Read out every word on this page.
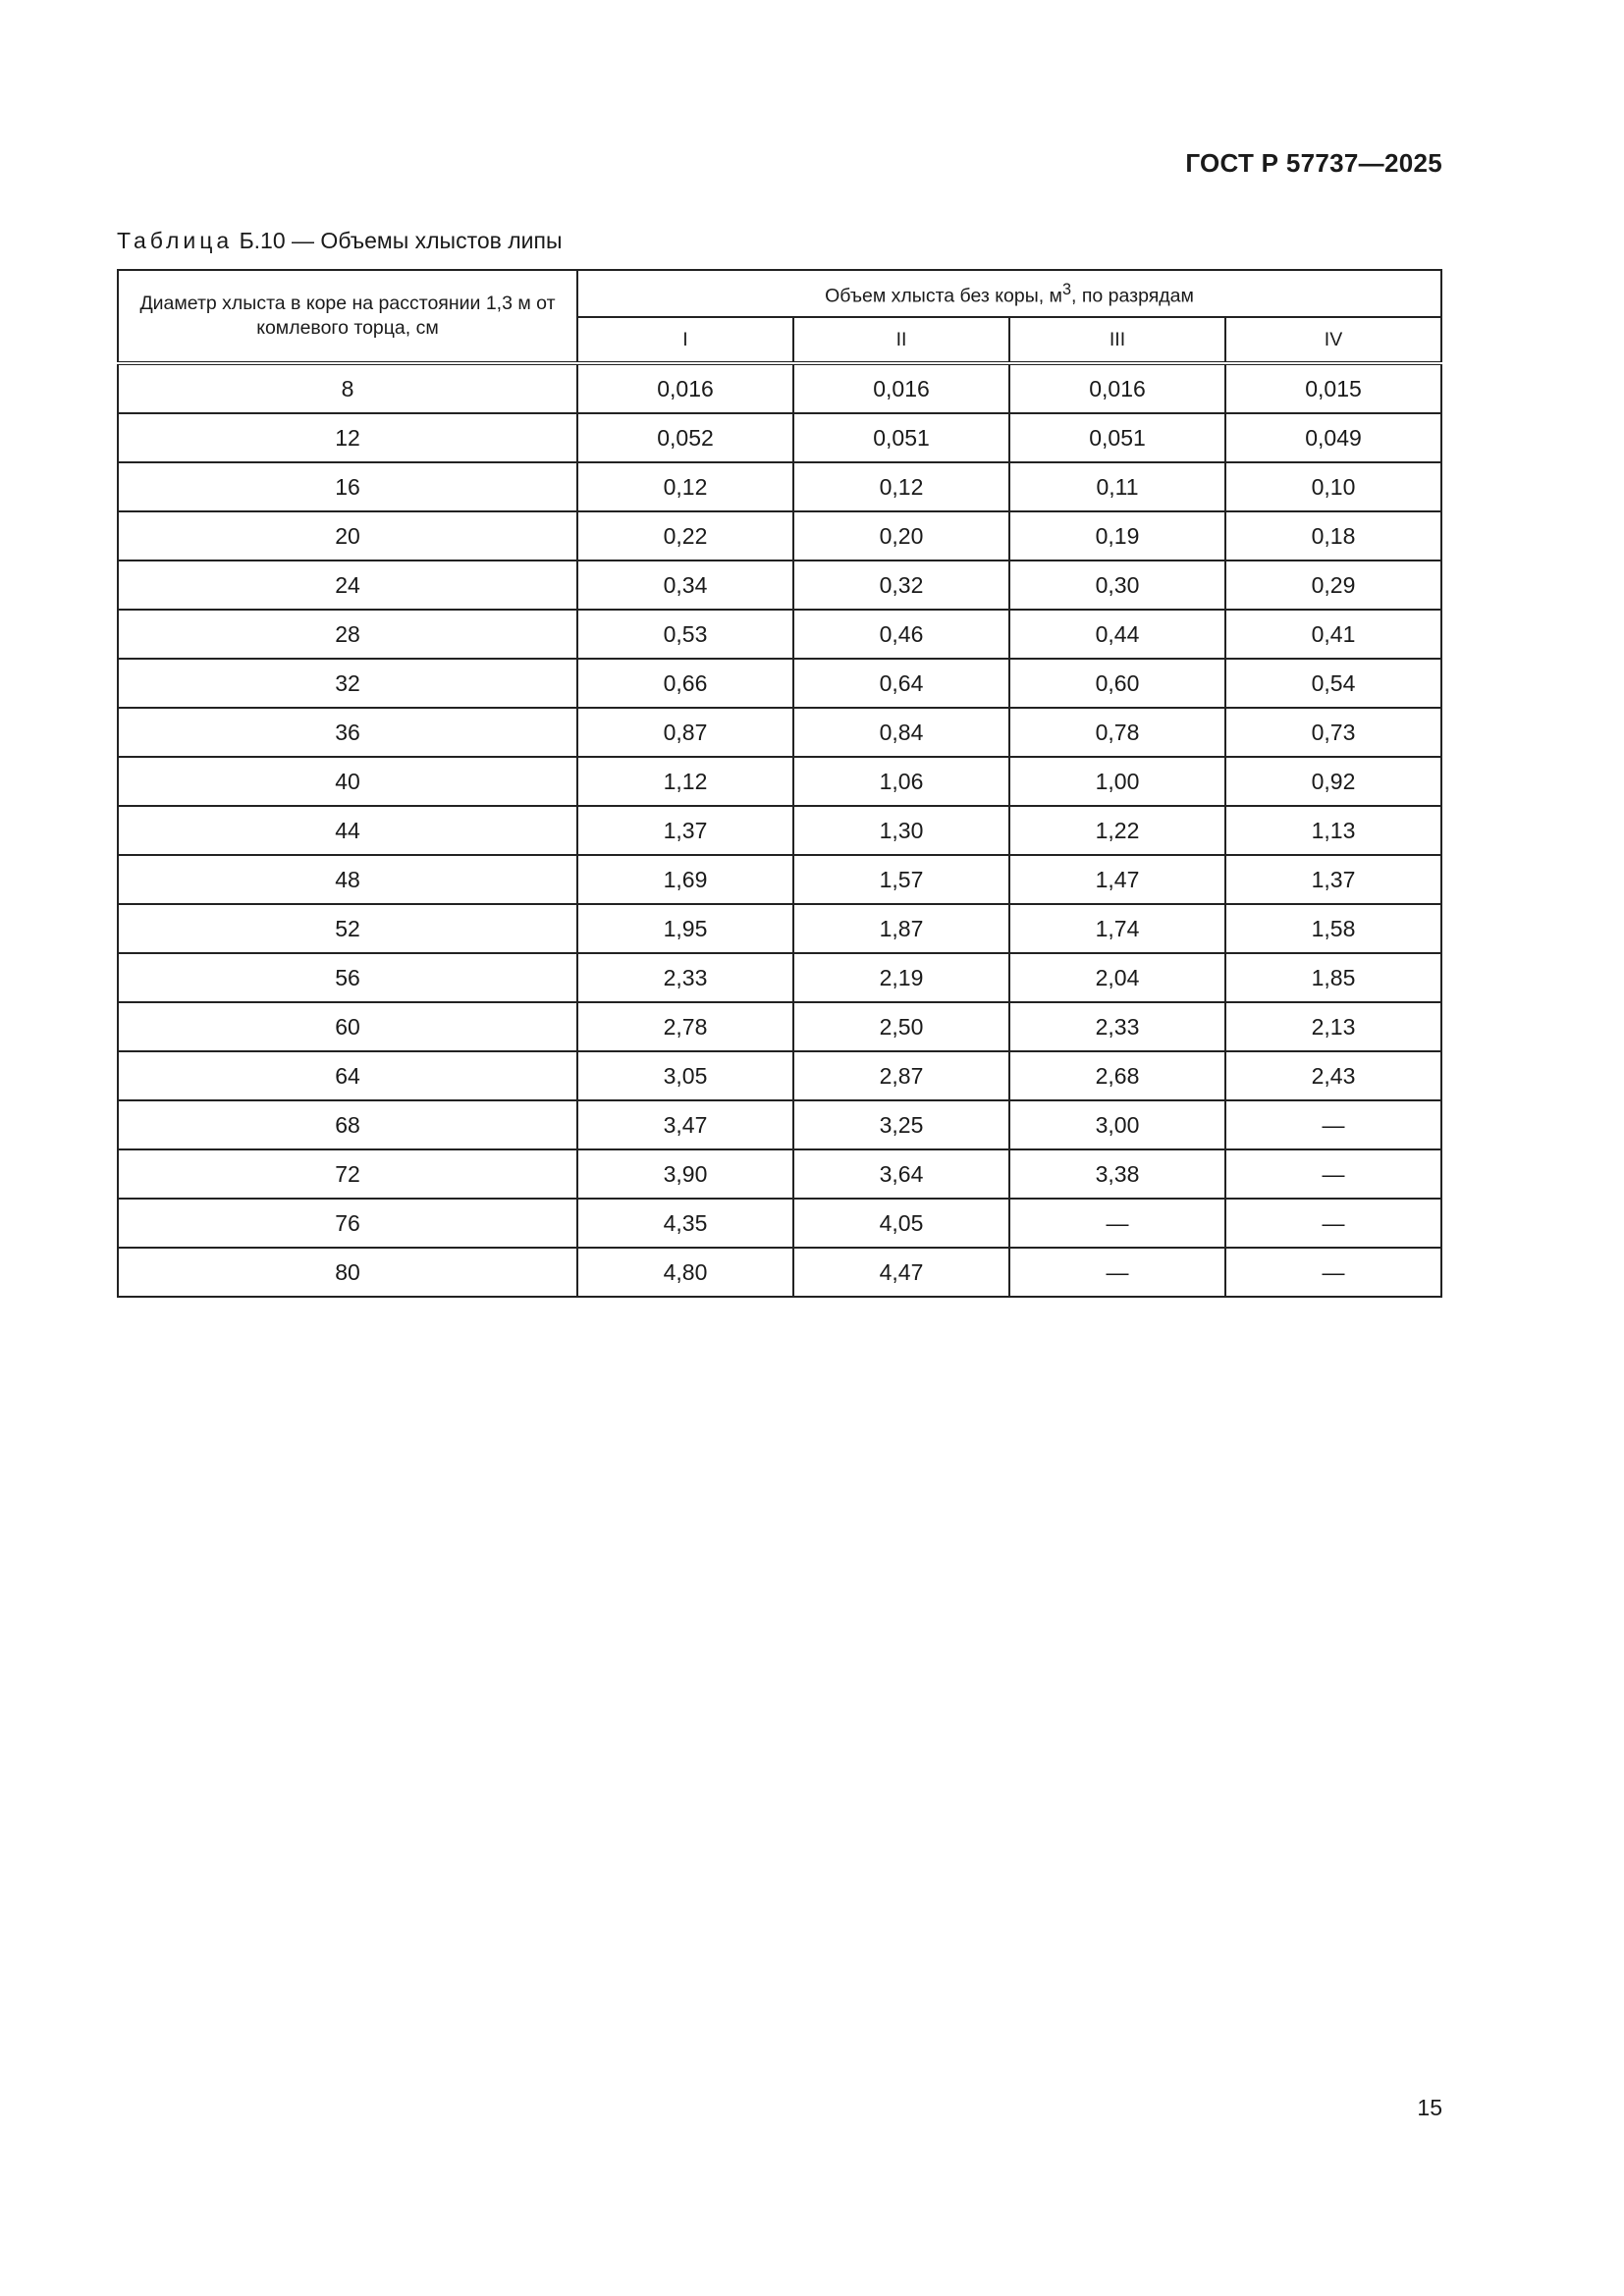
ГОСТ Р 57737—2025
Таблица Б.10 — Объемы хлыстов липы
Диаметр хлыста в коре на расстоянии 1,3 м от комлевого торца, см	Объем хлыста без коры, $м^3$, по разрядам			
	I	II	III	IV
8	0,016	0,016	0,016	0,015
12	0,052	0,051	0,051	0,049
16	0,12	0,12	0,11	0,10
20	0,22	0,20	0,19	0,18
24	0,34	0,32	0,30	0,29
28	0,53	0,46	0,44	0,41
32	0,66	0,64	0,60	0,54
36	0,87	0,84	0,78	0,73
40	1,12	1,06	1,00	0,92
44	1,37	1,30	1,22	1,13
48	1,69	1,57	1,47	1,37
52	1,95	1,87	1,74	1,58
56	2,33	2,19	2,04	1,85
60	2,78	2,50	2,33	2,13
64	3,05	2,87	2,68	2,43
68	3,47	3,25	3,00	—
72	3,90	3,64	3,38	—
76	4,35	4,05	—	—
80	4,80	4,47	—	—
15
